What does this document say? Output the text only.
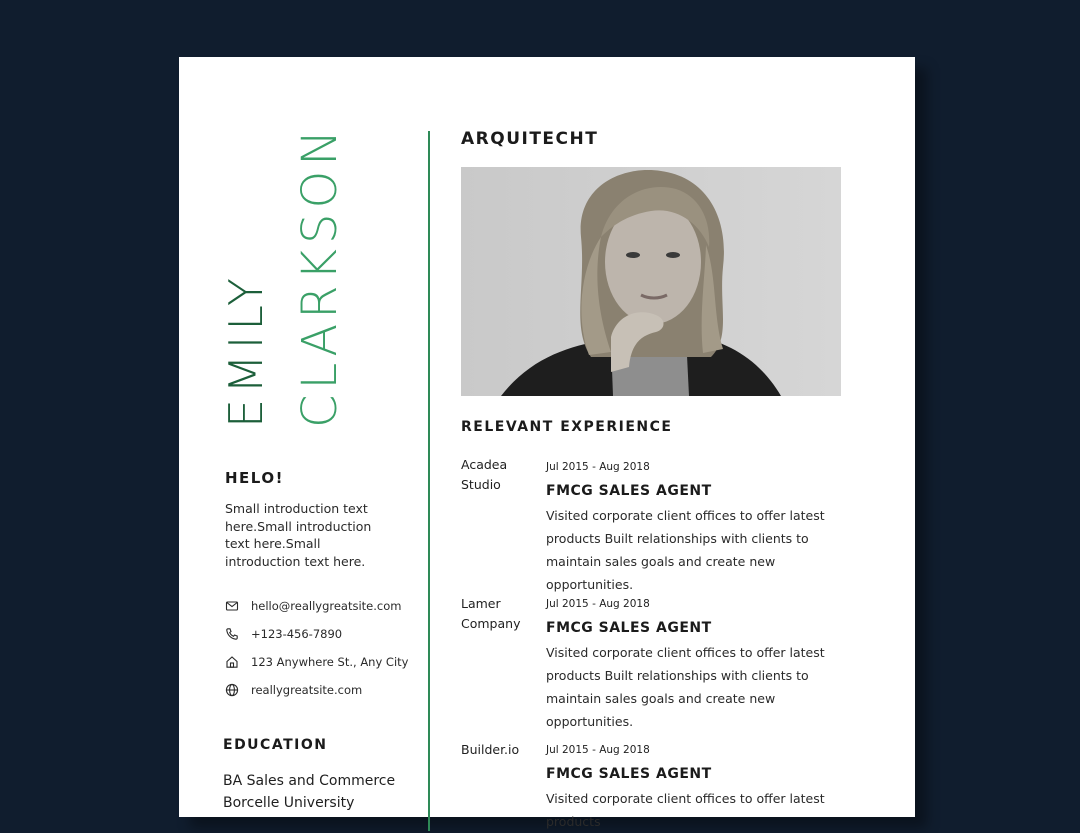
EMILY CLARKSON
HELO!
Small introduction text here.Small introduction text here.Small introduction text here.
hello@reallygreatsite.com
+123-456-7890
123 Anywhere St., Any City
reallygreatsite.com
EDUCATION
BA Sales and Commerce
Borcelle University
ARQUITECHT
RELEVANT EXPERIENCE
Acadea Studio
Jul 2015 - Aug 2018
FMCG SALES AGENT
Visited corporate client offices to offer latest products Built relationships with clients to maintain sales goals and create new opportunities.
Lamer Company
Jul 2015 - Aug 2018
FMCG SALES AGENT
Visited corporate client offices to offer latest products Built relationships with clients to maintain sales goals and create new opportunities.
Builder.io	Jul 2015 - Aug 2018
FMCG SALES AGENT
Visited corporate client offices to offer latest products
